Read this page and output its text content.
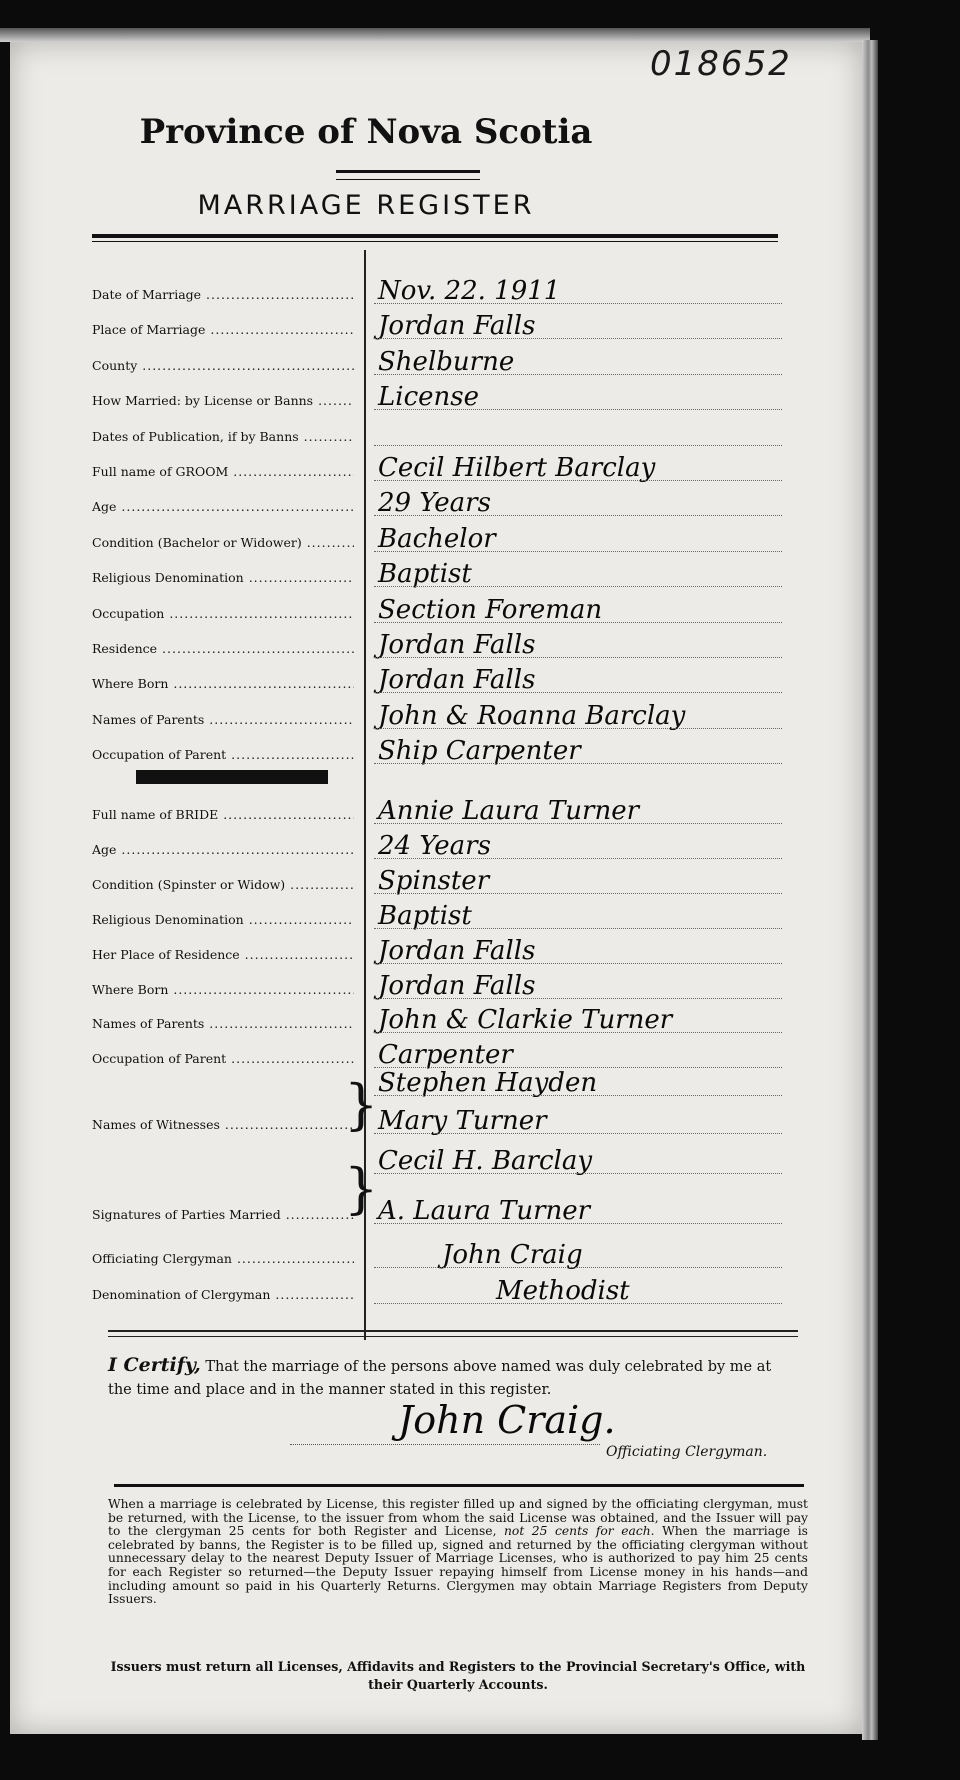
018652
Province of Nova Scotia
MARRIAGE REGISTER
Date of Marriage .....	Nov. 22. 1911
Place of Marriage .....	Jordan Falls
County .....	Shelburne
How Married: by License or Banns .....	License
Dates of Publication, if by Banns .....
Full name of GROOM .....	Cecil Hilbert Barclay
Age .....	29 Years
Condition (Bachelor or Widower) .....	Bachelor
Religious Denomination .....	Baptist
Occupation .....	Section Foreman
Residence .....	Jordan Falls
Where Born .....	Jordan Falls
Names of Parents .....	John & Roanna Barclay
Occupation of Parent .....	Ship Carpenter
Full name of BRIDE .....	Annie Laura Turner
Age .....	24 Years
Condition (Spinster or Widow) .....	Spinster
Religious Denomination .....	Baptist
Her Place of Residence .....	Jordan Falls
Where Born .....	Jordan Falls
Names of Parents .....	John & Clarkie Turner
Occupation of Parent .....	Carpenter
Stephen Hayden
Names of Witnesses .....	Mary Turner
}
Cecil H. Barclay
Signatures of Parties Married .....	A. Laura Turner
}
Officiating Clergyman .....	John Craig
Denomination of Clergyman .....	Methodist
I Certify, That the marriage of the persons above named was duly celebrated by me at the time and place and in the manner stated in this register.
John Craig.
Officiating Clergyman.
When a marriage is celebrated by License, this register filled up and signed by the officiating clergyman, must be returned, with the License, to the issuer from whom the said License was obtained, and the Issuer will pay to the clergyman 25 cents for both Register and License, not 25 cents for each. When the marriage is celebrated by banns, the Register is to be filled up, signed and returned by the officiating clergyman without unnecessary delay to the nearest Deputy Issuer of Marriage Licenses, who is authorized to pay him 25 cents for each Register so returned—the Deputy Issuer repaying himself from License money in his hands—and including amount so paid in his Quarterly Returns. Clergymen may obtain Marriage Registers from Deputy Issuers.
Issuers must return all Licenses, Affidavits and Registers to the Provincial Secretary's Office, with their Quarterly Accounts.
